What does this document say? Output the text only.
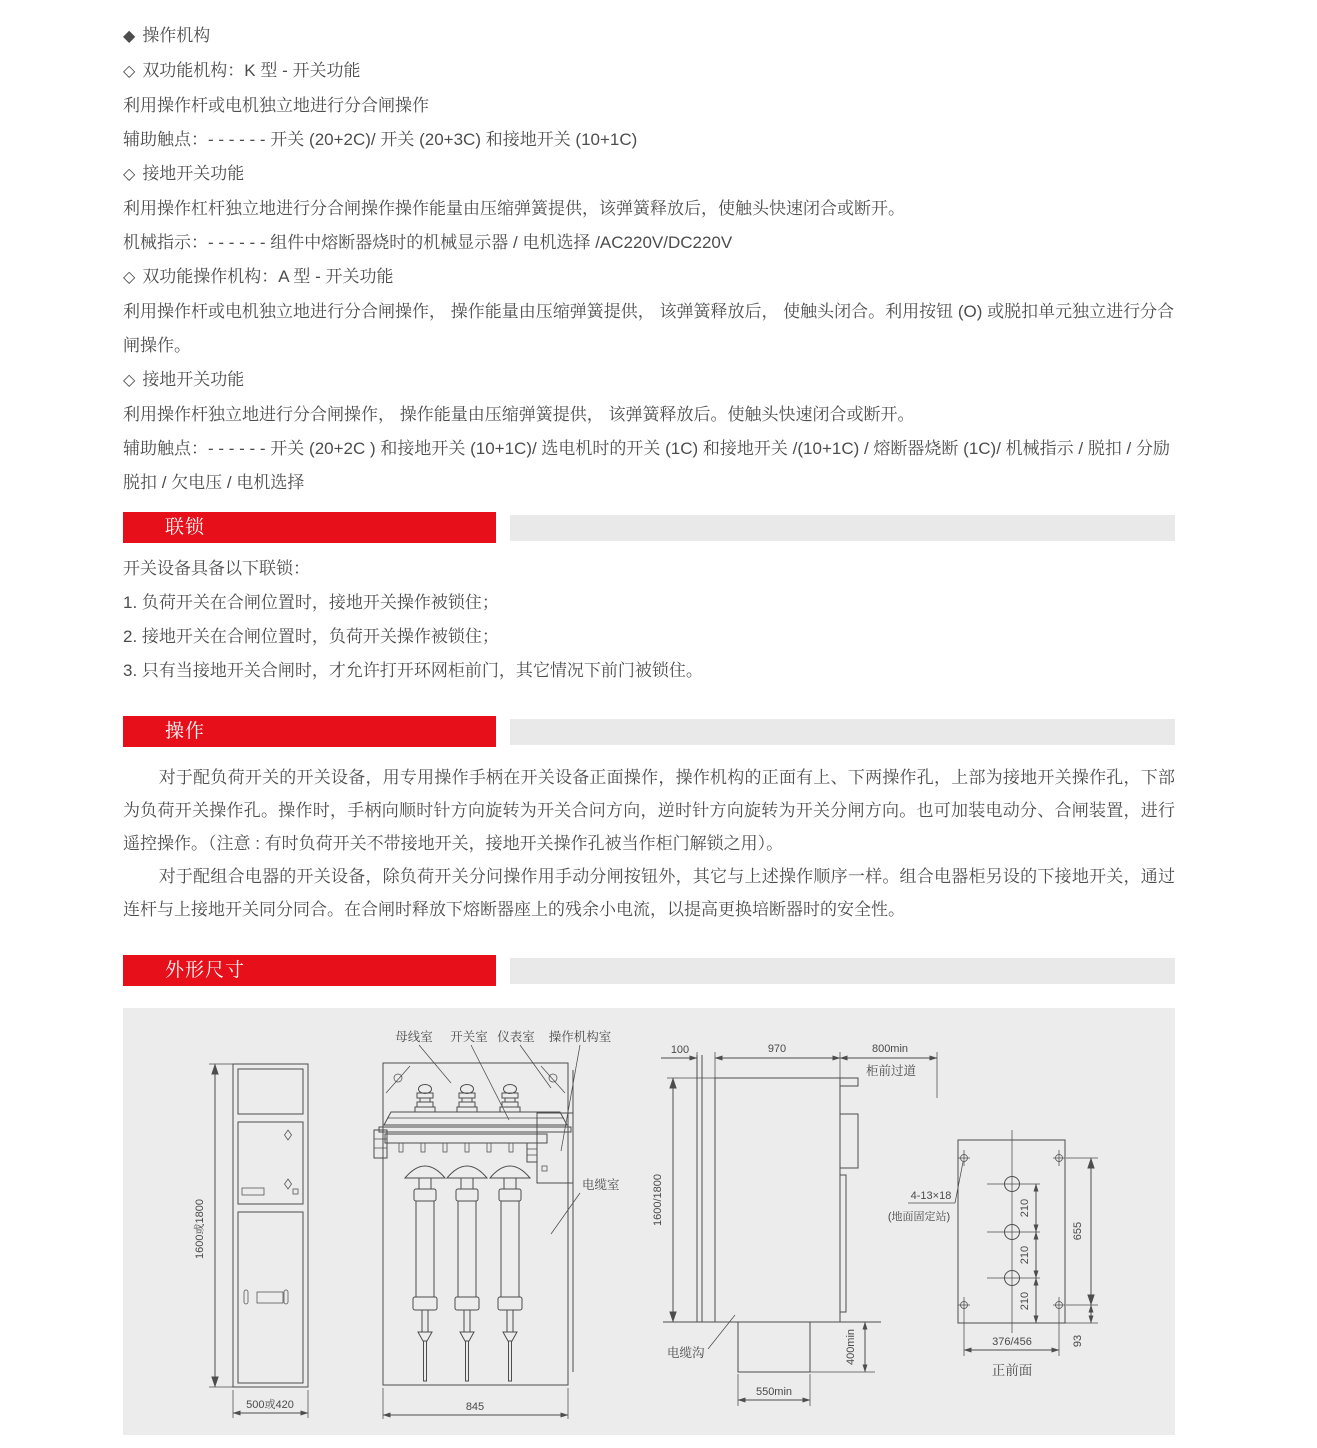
◆ 操作机构
◇ 双功能机构：K 型 - 开关功能
利用操作杆或电机独立地进行分合闸操作
辅助触点：- - - - - - 开关 (20+2C)/ 开关 (20+3C) 和接地开关 (10+1C)
◇ 接地开关功能
利用操作杠杆独立地进行分合闸操作操作能量由压缩弹簧提供，该弹簧释放后，使触头快速闭合或断开。
机械指示：- - - - - - 组件中熔断器烧时的机械显示器 / 电机选择 /AC220V/DC220V
◇ 双功能操作机构：A 型 - 开关功能
利用操作杆或电机独立地进行分合闸操作， 操作能量由压缩弹簧提供， 该弹簧释放后， 使触头闭合。利用按钮 (O) 或脱扣单元独立进行分合闸操作。
◇ 接地开关功能
利用操作杆独立地进行分合闸操作， 操作能量由压缩弹簧提供， 该弹簧释放后。使触头快速闭合或断开。
辅助触点：- - - - - - 开关 (20+2C ) 和接地开关 (10+1C)/ 选电机时的开关 (1C) 和接地开关 /(10+1C) / 熔断器烧断 (1C)/ 机械指示 / 脱扣 / 分励脱扣 / 欠电压 / 电机选择
联锁
开关设备具备以下联锁：
1. 负荷开关在合闸位置时，接地开关操作被锁住；
2. 接地开关在合闸位置时，负荷开关操作被锁住；
3. 只有当接地开关合闸时，才允许打开环网柜前门，其它情况下前门被锁住。
操作

对于配负荷开关的开关设备，用专用操作手柄在开关设备正面操作，操作机构的正面有上、下两操作孔，上部为接地开关操作孔，下部为负荷开关操作孔。操作时，手柄向顺时针方向旋转为开关合问方向，逆时针方向旋转为开关分闸方向。也可加装电动分、合闸装置，进行遥控操作。（注意 : 有时负荷开关不带接地开关，接地开关操作孔被当作柜门解锁之用）。

对于配组合电器的开关设备，除负荷开关分问操作用手动分闸按钮外，其它与上述操作顺序一样。组合电器柜另设的下接地开关，通过连杆与上接地开关同分同合。在合闸时释放下熔断器座上的残余小电流，以提高更换培断器时的安全性。

外形尺寸
1600或1800
500或420	845
母线室 开关室 仪表室 操作机构室
电缆室
100	970	800min
柜前过道
1600/1800
400min
550min
电缆沟
210
210
210
655
93
376/456
正前面
4-13×18
(地面固定站)
